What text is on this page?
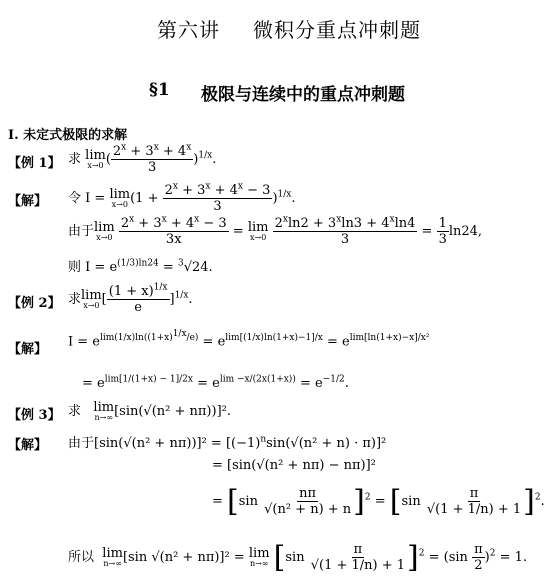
第六讲 微积分重点冲刺题
§1 极限与连续中的重点冲刺题
Ⅰ. 未定式极限的求解
【例 1】 求 lim
x→0 ( $\frac{2^x + 3^x + 4^x}{3} )^{1/x}$.
【解】 令 I = lim
x→0 $(1 + \frac{2^x + 3^x + 4^x - 3}{3} )^{1/x}$.
由于 lim
x→0
$\frac{2^x + 3^x + 4^x - 3}{3x} = \lim$
x→0
$\frac{2^x\ln 2 + 3^x\ln 3 + 4^x\ln 4}{3} = \frac{1}{3} \ln 24$,
则 $I = e^{(1/3)ln24} = ^3√24$.
【例 2】 求 lim
x→0 [ $\frac{(1 + x)^{1/x}}{e} ]^{1/x}$.
【解】
$I = e^{lim(1/x)ln((1+x)^{1/x}/e)} = e^{lim[(1/x)ln(1+x)-1]/x} = e^{lim[ln(1+x)-x]/x^2}$
= $e^{lim[1/(1+x) - 1]/2x} = e^{lim -x/(2x(1+x))} = e^{-1/2}$.
【例 3】 求 lim
n→∞ [sin(√(n² + nπ))]².
【解】 由于$[\sin(√(n^2 + n\pi))]^2 = [(-1)^n\sin(√(n^2 + n) \cdot \pi)]^2$
= [sin(√(n² + nπ) − nπ)]²
= $[\sin \frac{n\pi}{\text{√(n² + n) + n}} ]^2 = [\sin \frac{\pi}{√(1 + 1/n) + 1} ]^2$.
所以 lim
n→∞ [sin √(n² + nπ)]² = lim
n→∞ $[\sin \frac{\pi}{√(1 + 1/n) + 1} ]^2 = (\sin \frac{\pi}{2} )^2 = 1$.
